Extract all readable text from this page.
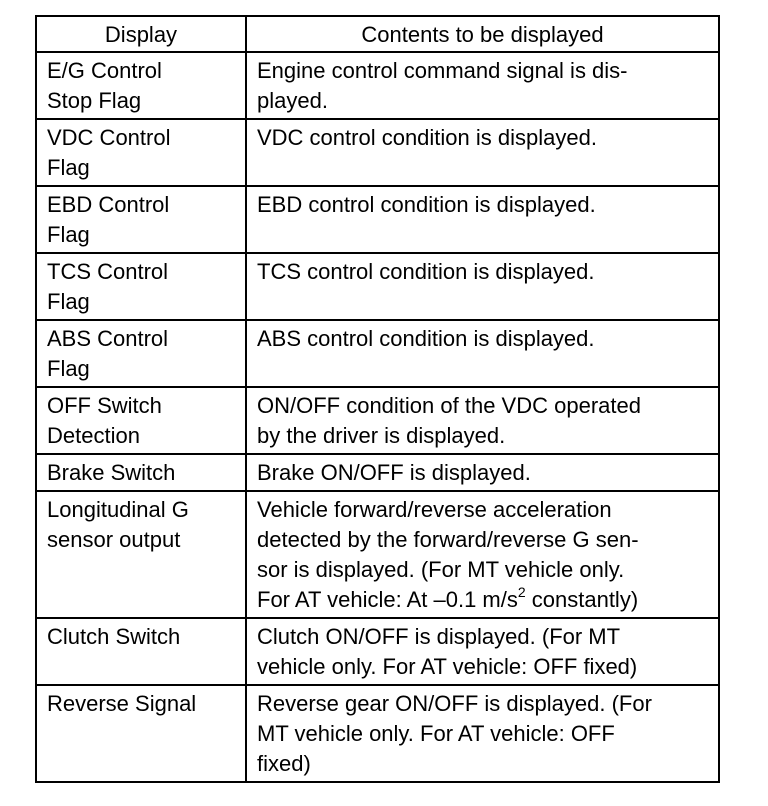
Display	Contents to be displayed

E/G Control
Stop Flag	Engine control command signal is dis-
played.

VDC Control
Flag	VDC control condition is displayed.

EBD Control
Flag	EBD control condition is displayed.

TCS Control
Flag	TCS control condition is displayed.

ABS Control
Flag	ABS control condition is displayed.

OFF Switch
Detection	ON/OFF condition of the VDC operated
by the driver is displayed.

Brake Switch	Brake ON/OFF is displayed.

Longitudinal G
sensor output	Vehicle forward/reverse acceleration
detected by the forward/reverse G sen-
sor is displayed. (For MT vehicle only.
For AT vehicle: At –0.1 $m/s^2$ constantly)

Clutch Switch	Clutch ON/OFF is displayed. (For MT
vehicle only. For AT vehicle: OFF fixed)

Reverse Signal	Reverse gear ON/OFF is displayed. (For
MT vehicle only. For AT vehicle: OFF
fixed)
